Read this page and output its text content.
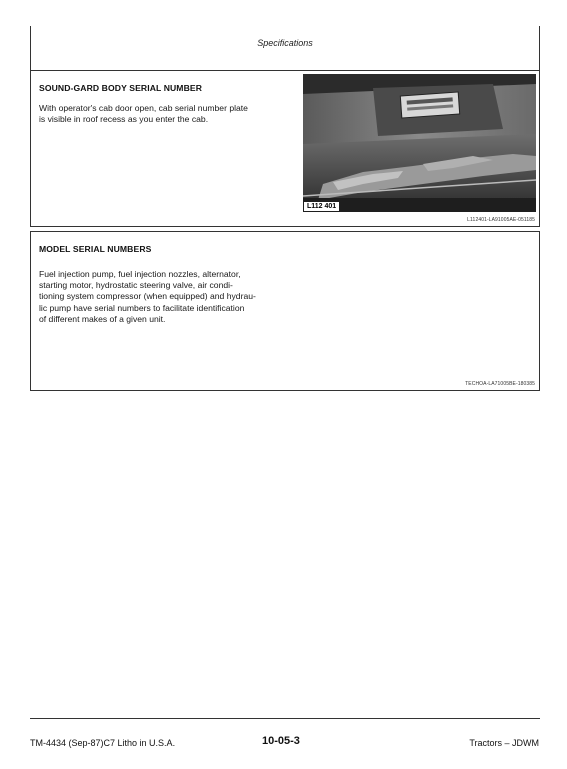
Specifications
SOUND-GARD BODY SERIAL NUMBER

With operator's cab door open, cab serial number plate
is visible in roof recess as you enter the cab.

L112 401
L112401-LA91005AE-051185
MODEL SERIAL NUMBERS

Fuel injection pump, fuel injection nozzles, alternator,
starting motor, hydrostatic steering valve, air condi-
tioning system compressor (when equipped) and hydrau-
lic pump have serial numbers to facilitate identification
of different makes of a given unit.

TECHOA-LA71005BE-180385
TM-4434 (Sep-87)C7 Litho in U.S.A.	10-05-3	Tractors – JDWM
